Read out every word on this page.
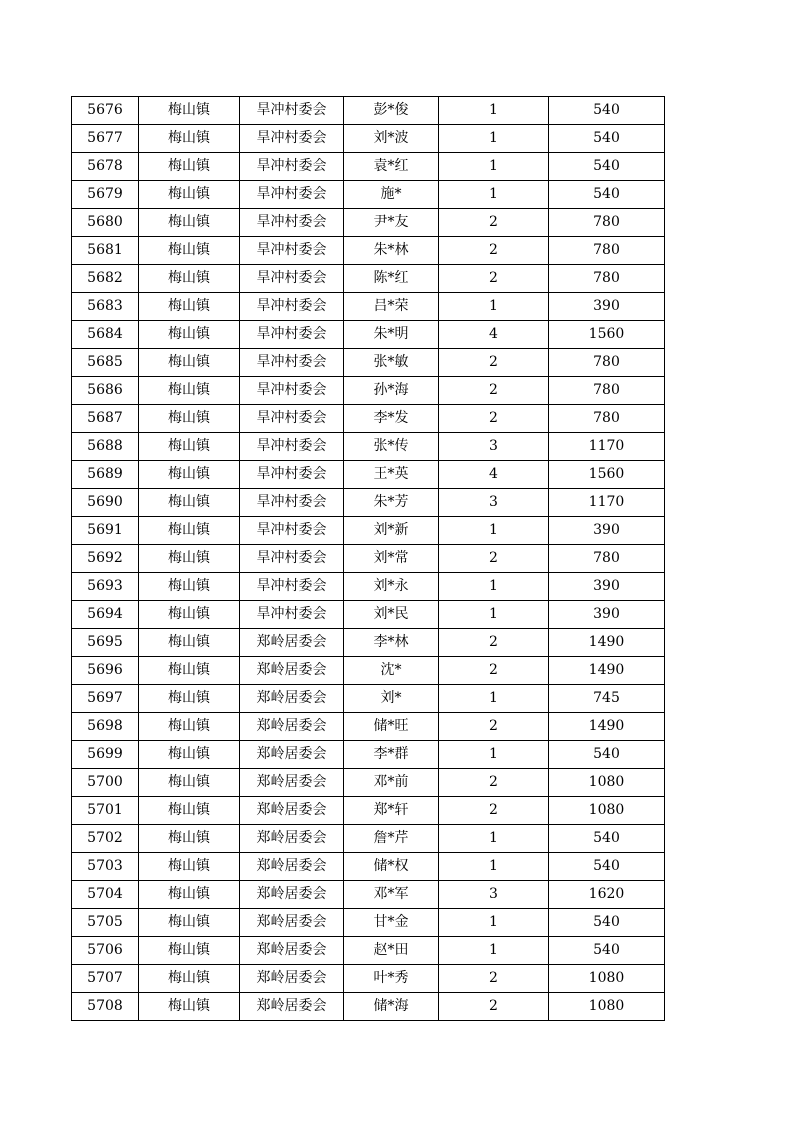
5676	梅山镇	旱冲村委会	彭*俊	1	540
5677	梅山镇	旱冲村委会	刘*波	1	540
5678	梅山镇	旱冲村委会	袁*红	1	540
5679	梅山镇	旱冲村委会	施*	1	540
5680	梅山镇	旱冲村委会	尹*友	2	780
5681	梅山镇	旱冲村委会	朱*林	2	780
5682	梅山镇	旱冲村委会	陈*红	2	780
5683	梅山镇	旱冲村委会	吕*荣	1	390
5684	梅山镇	旱冲村委会	朱*明	4	1560
5685	梅山镇	旱冲村委会	张*敏	2	780
5686	梅山镇	旱冲村委会	孙*海	2	780
5687	梅山镇	旱冲村委会	李*发	2	780
5688	梅山镇	旱冲村委会	张*传	3	1170
5689	梅山镇	旱冲村委会	王*英	4	1560
5690	梅山镇	旱冲村委会	朱*芳	3	1170
5691	梅山镇	旱冲村委会	刘*新	1	390
5692	梅山镇	旱冲村委会	刘*常	2	780
5693	梅山镇	旱冲村委会	刘*永	1	390
5694	梅山镇	旱冲村委会	刘*民	1	390
5695	梅山镇	郑岭居委会	李*林	2	1490
5696	梅山镇	郑岭居委会	沈*	2	1490
5697	梅山镇	郑岭居委会	刘*	1	745
5698	梅山镇	郑岭居委会	储*旺	2	1490
5699	梅山镇	郑岭居委会	李*群	1	540
5700	梅山镇	郑岭居委会	邓*前	2	1080
5701	梅山镇	郑岭居委会	郑*轩	2	1080
5702	梅山镇	郑岭居委会	詹*芹	1	540
5703	梅山镇	郑岭居委会	储*权	1	540
5704	梅山镇	郑岭居委会	邓*军	3	1620
5705	梅山镇	郑岭居委会	甘*金	1	540
5706	梅山镇	郑岭居委会	赵*田	1	540
5707	梅山镇	郑岭居委会	叶*秀	2	1080
5708	梅山镇	郑岭居委会	储*海	2	1080
